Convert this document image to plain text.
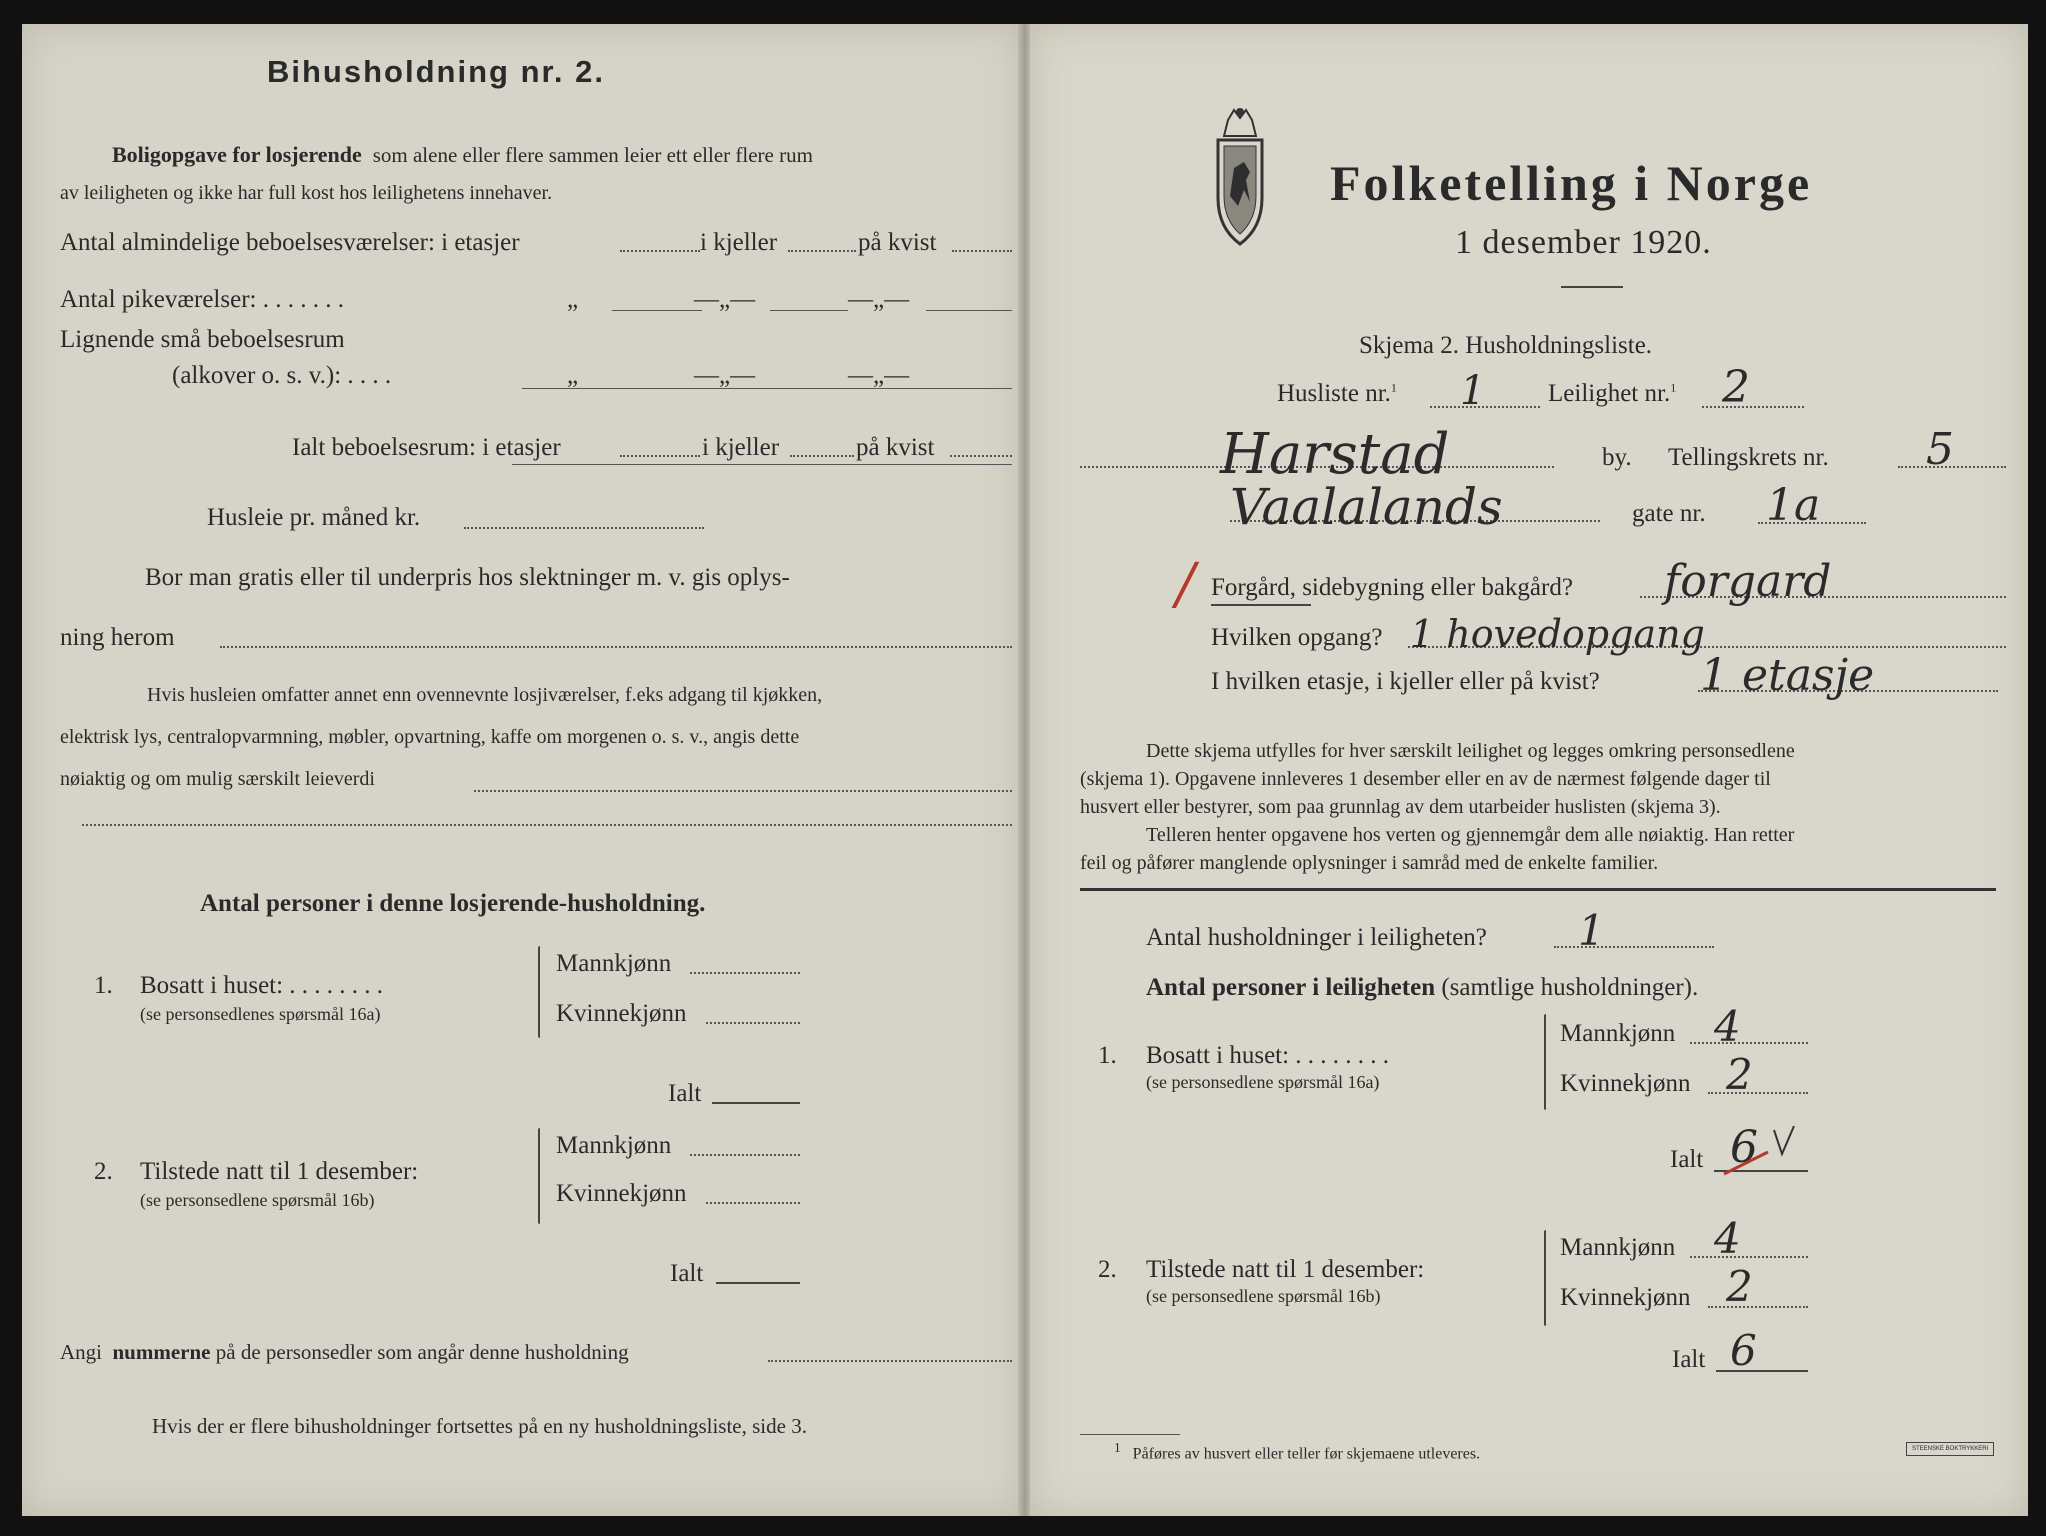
Bihusholdning nr. 2.
Boligopgave for losjerende som alene eller flere sammen leier ett eller flere rum
av leiligheten og ikke har full kost hos leilighetens innehaver.
Antal almindelige beboelsesværelser: i etasjer	i kjeller	på kvist
Antal pikeværelser: . . . . . . .	„	—„—	—„—
Lignende små beboelsesrum
(alkover o. s. v.): . . . .	„	—„—	—„—
Ialt beboelsesrum: i etasjer	i kjeller	på kvist
Husleie pr. måned kr.
Bor man gratis eller til underpris hos slektninger m. v. gis oplys-
ning herom
Hvis husleien omfatter annet enn ovennevnte losjiværelser, f.eks adgang til kjøkken,
elektrisk lys, centralopvarmning, møbler, opvartning, kaffe om morgenen o. s. v., angis dette
nøiaktig og om mulig særskilt leieverdi
Antal personer i denne losjerende-husholdning.
1. Bosatt i huset: . . . . . . . .
(se personsedlenes spørsmål 16a)
Mannkjønn
Kvinnekjønn
Ialt
2. Tilstede natt til 1 desember:
(se personsedlene spørsmål 16b)
Mannkjønn
Kvinnekjønn
Ialt
Angi nummerne på de personsedler som angår denne husholdning
Hvis der er flere bihusholdninger fortsettes på en ny husholdningsliste, side 3.
Folketelling i Norge
1 desember 1920.
Skjema 2. Husholdningsliste.
Husliste nr.$^1$ 1	Leilighet nr.$^1$ 2
Harstad	by. Tellingskrets nr. 5
Vaalalands	gate nr. 1a
/ Forgård, sidebygning eller bakgård? forgard
Hvilken opgang? 1 hovedopgang
I hvilken etasje, i kjeller eller på kvist? 1 etasje
Dette skjema utfylles for hver særskilt leilighet og legges omkring personsedlene
(skjema 1). Opgavene innleveres 1 desember eller en av de nærmest følgende dager til
husvert eller bestyrer, som paa grunnlag av dem utarbeider huslisten (skjema 3).
Telleren henter opgavene hos verten og gjennemgår dem alle nøiaktig. Han retter
feil og påfører manglende oplysninger i samråd med de enkelte familier.
Antal husholdninger i leiligheten? 1
Antal personer i leiligheten (samtlige husholdninger).
1. Bosatt i huset: . . . . . . . .
(se personsedlene spørsmål 16a)
Mannkjønn 4
Kvinnekjønn 2
Ialt 6
2. Tilstede natt til 1 desember:
(se personsedlene spørsmål 16b)
Mannkjønn 4
Kvinnekjønn 2
Ialt 6
$^1$ Påføres av husvert eller teller før skjemaene utleveres.	STEENSKE BOKTRYKKERI
